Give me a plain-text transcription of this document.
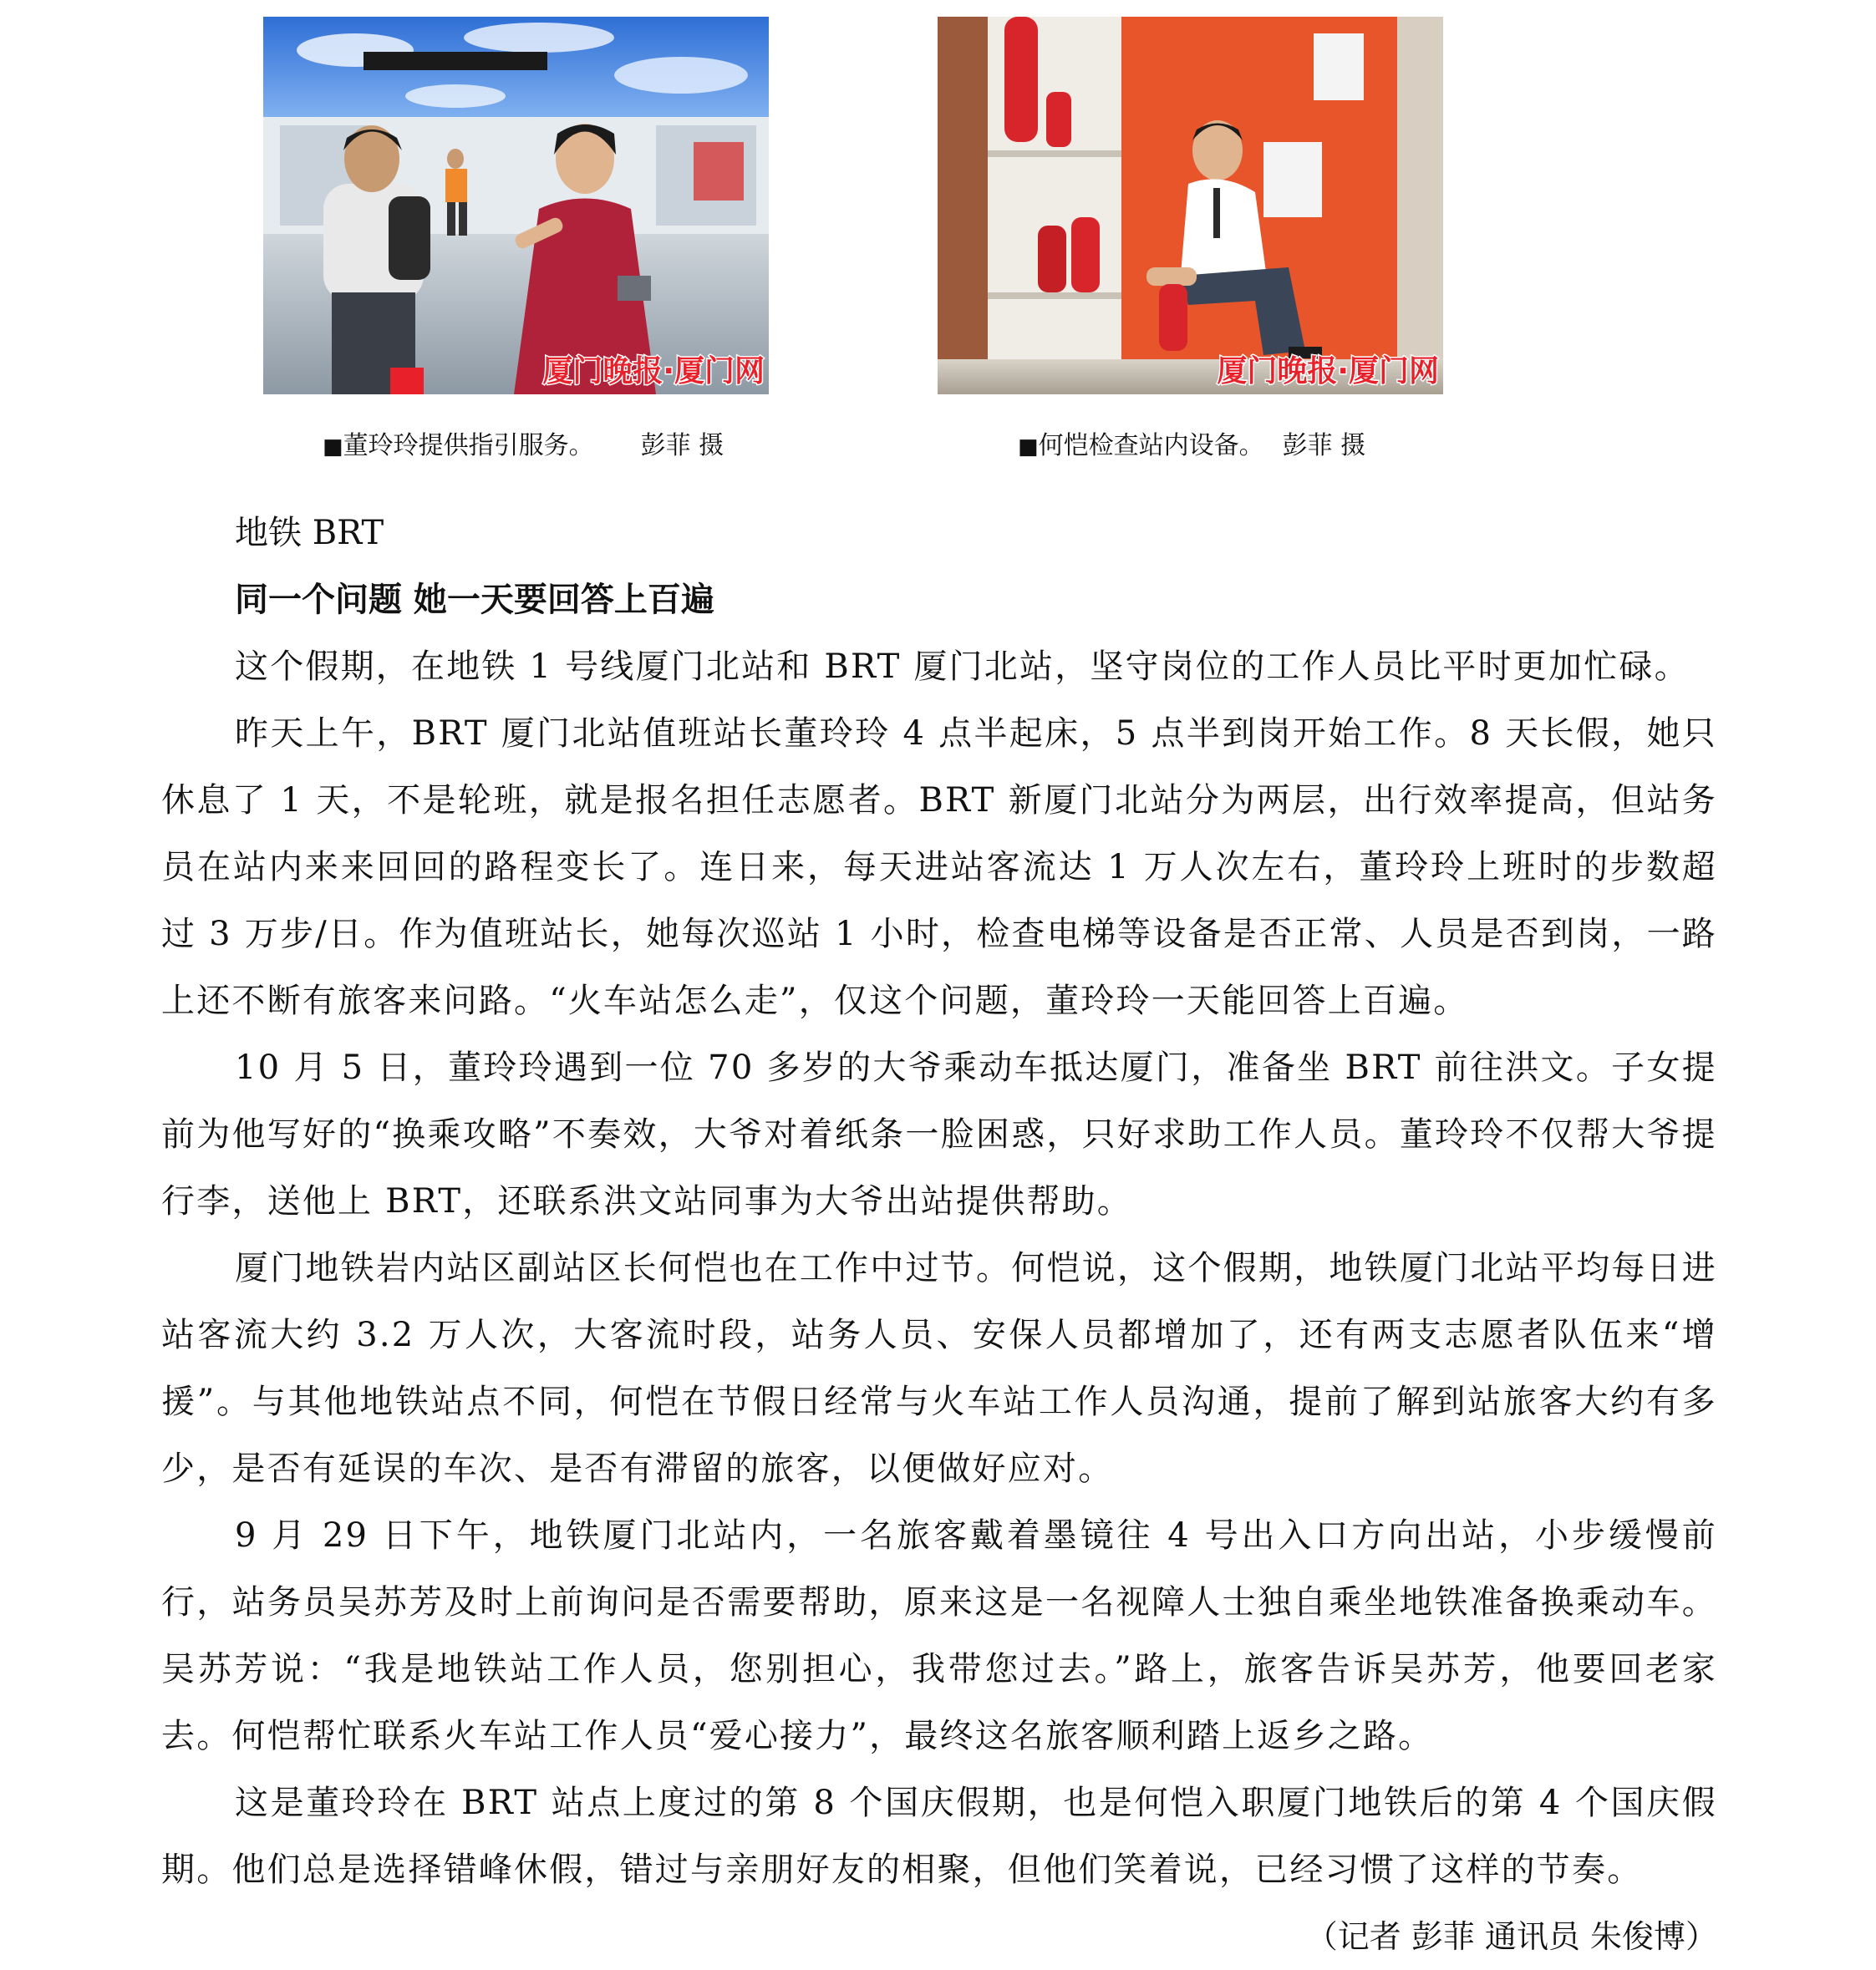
厦门晚报·厦门网	厦门晚报·厦门网
■董玲玲提供指引服务。 彭菲 摄	■何恺检查站内设备。 彭菲 摄
地铁 BRT
同一个问题 她一天要回答上百遍

这个假期，在地铁 1 号线厦门北站和 BRT 厦门北站，坚守岗位的工作人员比平时更加忙碌。

昨天上午，BRT 厦门北站值班站长董玲玲 4 点半起床，5 点半到岗开始工作。8 天长假，她只休息了 1 天，不是轮班，就是报名担任志愿者。BRT 新厦门北站分为两层，出行效率提高，但站务员在站内来来回回的路程变长了。连日来，每天进站客流达 1 万人次左右，董玲玲上班时的步数超过 3 万步/日。作为值班站长，她每次巡站 1 小时，检查电梯等设备是否正常、人员是否到岗，一路上还不断有旅客来问路。“火车站怎么走”，仅这个问题，董玲玲一天能回答上百遍。

10 月 5 日，董玲玲遇到一位 70 多岁的大爷乘动车抵达厦门，准备坐 BRT 前往洪文。子女提前为他写好的“换乘攻略”不奏效，大爷对着纸条一脸困惑，只好求助工作人员。董玲玲不仅帮大爷提行李，送他上 BRT，还联系洪文站同事为大爷出站提供帮助。

厦门地铁岩内站区副站区长何恺也在工作中过节。何恺说，这个假期，地铁厦门北站平均每日进站客流大约 3.2 万人次，大客流时段，站务人员、安保人员都增加了，还有两支志愿者队伍来“增援”。与其他地铁站点不同，何恺在节假日经常与火车站工作人员沟通，提前了解到站旅客大约有多少，是否有延误的车次、是否有滞留的旅客，以便做好应对。

9 月 29 日下午，地铁厦门北站内，一名旅客戴着墨镜往 4 号出入口方向出站，小步缓慢前行，站务员吴苏芳及时上前询问是否需要帮助，原来这是一名视障人士独自乘坐地铁准备换乘动车。吴苏芳说：“我是地铁站工作人员，您别担心，我带您过去。”路上，旅客告诉吴苏芳，他要回老家去。何恺帮忙联系火车站工作人员“爱心接力”，最终这名旅客顺利踏上返乡之路。

这是董玲玲在 BRT 站点上度过的第 8 个国庆假期，也是何恺入职厦门地铁后的第 4 个国庆假期。他们总是选择错峰休假，错过与亲朋好友的相聚，但他们笑着说，已经习惯了这样的节奏。

（记者 彭菲 通讯员 朱俊博）
